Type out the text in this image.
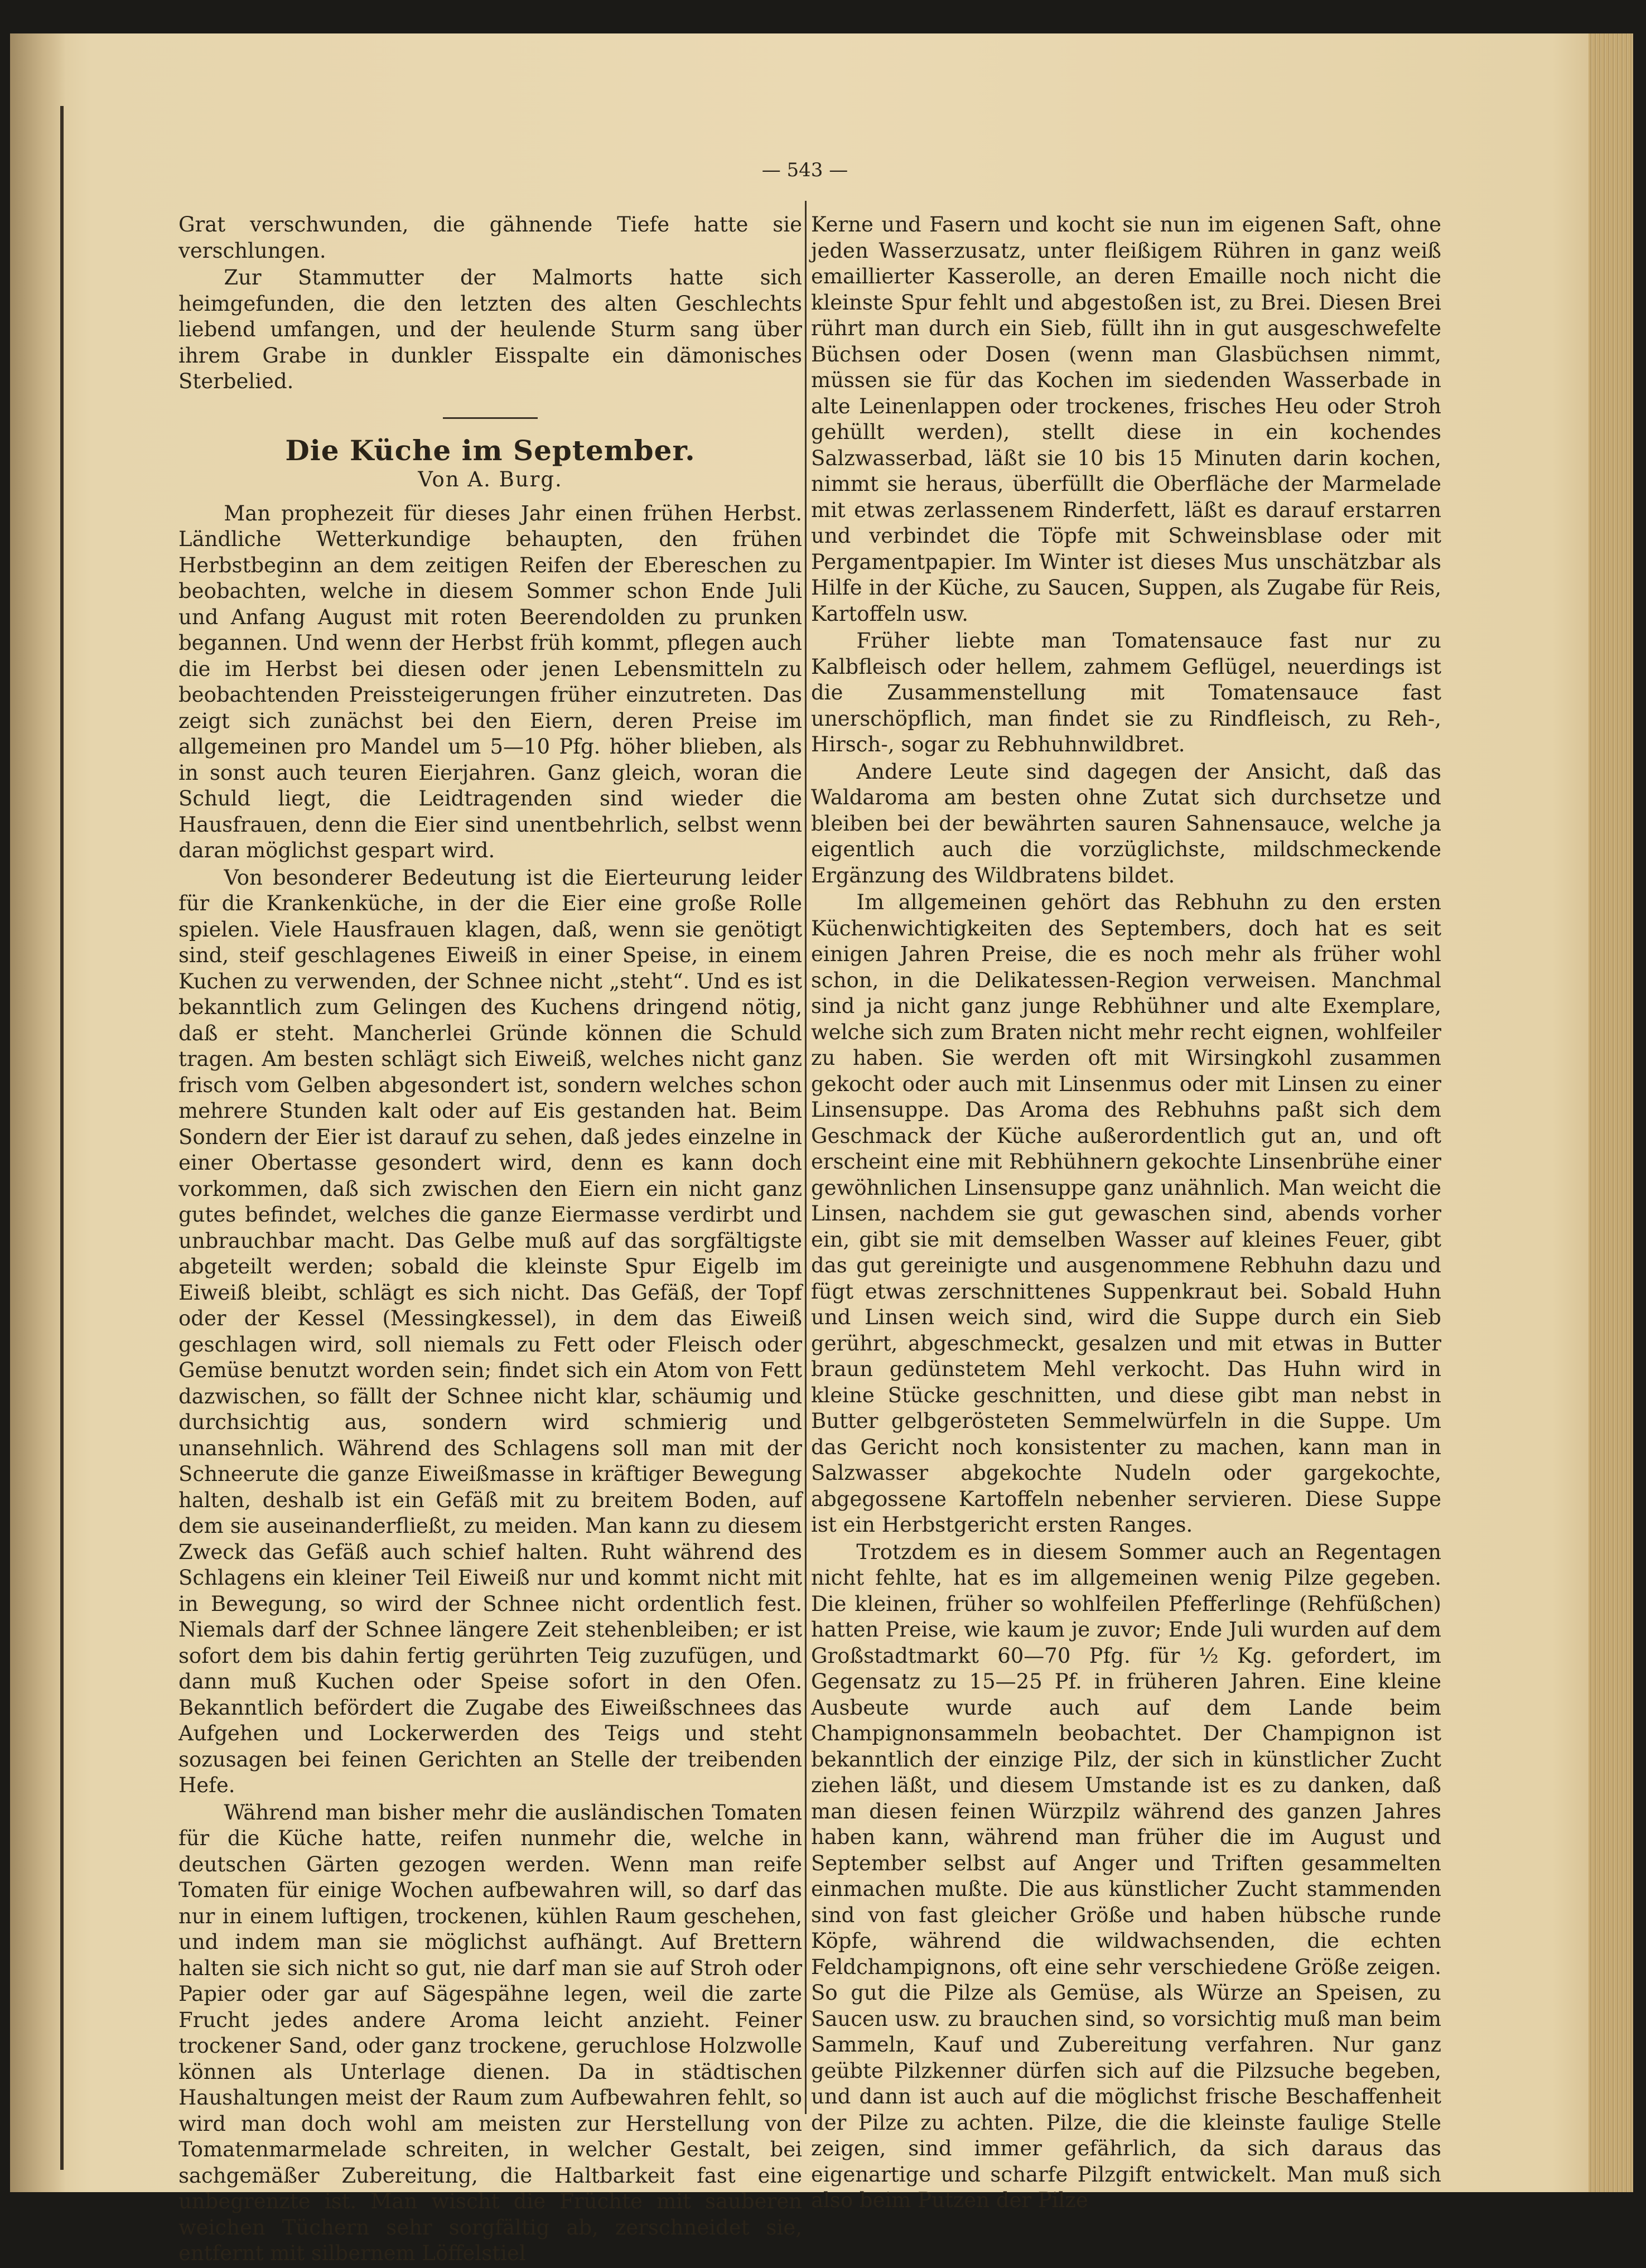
— 543 —

Grat verschwunden, die gähnende Tiefe hatte sie verschlungen.

Zur Stammutter der Malmorts hatte sich heimgefunden, die den letzten des alten Geschlechts liebend umfangen, und der heulende Sturm sang über ihrem Grabe in dunkler Eisspalte ein dämonisches Sterbelied.

Die Küche im September.
Von A. Burg.

Man prophezeit für dieses Jahr einen frühen Herbst. Ländliche Wetterkundige behaupten, den frühen Herbstbeginn an dem zeitigen Reifen der Ebereschen zu beobachten, welche in diesem Sommer schon Ende Juli und Anfang August mit roten Beerendolden zu prunken begannen. Und wenn der Herbst früh kommt, pflegen auch die im Herbst bei diesen oder jenen Lebensmitteln zu beobachtenden Preissteigerungen früher einzutreten. Das zeigt sich zunächst bei den Eiern, deren Preise im allgemeinen pro Mandel um 5—10 Pfg. höher blieben, als in sonst auch teuren Eierjahren. Ganz gleich, woran die Schuld liegt, die Leidtragenden sind wieder die Hausfrauen, denn die Eier sind unentbehrlich, selbst wenn daran möglichst gespart wird.

Von besonderer Bedeutung ist die Eierteurung leider für die Krankenküche, in der die Eier eine große Rolle spielen. Viele Hausfrauen klagen, daß, wenn sie genötigt sind, steif geschlagenes Eiweiß in einer Speise, in einem Kuchen zu verwenden, der Schnee nicht „steht“. Und es ist bekanntlich zum Gelingen des Kuchens dringend nötig, daß er steht. Mancherlei Gründe können die Schuld tragen. Am besten schlägt sich Eiweiß, welches nicht ganz frisch vom Gelben abgesondert ist, sondern welches schon mehrere Stunden kalt oder auf Eis gestanden hat. Beim Sondern der Eier ist darauf zu sehen, daß jedes einzelne in einer Obertasse gesondert wird, denn es kann doch vorkommen, daß sich zwischen den Eiern ein nicht ganz gutes befindet, welches die ganze Eiermasse verdirbt und unbrauchbar macht. Das Gelbe muß auf das sorgfältigste abgeteilt werden; sobald die kleinste Spur Eigelb im Eiweiß bleibt, schlägt es sich nicht. Das Gefäß, der Topf oder der Kessel (Messingkessel), in dem das Eiweiß geschlagen wird, soll niemals zu Fett oder Fleisch oder Gemüse benutzt worden sein; findet sich ein Atom von Fett dazwischen, so fällt der Schnee nicht klar, schäumig und durchsichtig aus, sondern wird schmierig und unansehnlich. Während des Schlagens soll man mit der Schneerute die ganze Eiweißmasse in kräftiger Bewegung halten, deshalb ist ein Gefäß mit zu breitem Boden, auf dem sie auseinanderfließt, zu meiden. Man kann zu diesem Zweck das Gefäß auch schief halten. Ruht während des Schlagens ein kleiner Teil Eiweiß nur und kommt nicht mit in Bewegung, so wird der Schnee nicht ordentlich fest. Niemals darf der Schnee längere Zeit stehenbleiben; er ist sofort dem bis dahin fertig gerührten Teig zuzufügen, und dann muß Kuchen oder Speise sofort in den Ofen. Bekanntlich befördert die Zugabe des Eiweißschnees das Aufgehen und Lockerwerden des Teigs und steht sozusagen bei feinen Gerichten an Stelle der treibenden Hefe.

Während man bisher mehr die ausländischen Tomaten für die Küche hatte, reifen nunmehr die, welche in deutschen Gärten gezogen werden. Wenn man reife Tomaten für einige Wochen aufbewahren will, so darf das nur in einem luftigen, trockenen, kühlen Raum geschehen, und indem man sie möglichst aufhängt. Auf Brettern halten sie sich nicht so gut, nie darf man sie auf Stroh oder Papier oder gar auf Sägespähne legen, weil die zarte Frucht jedes andere Aroma leicht anzieht. Feiner trockener Sand, oder ganz trockene, geruchlose Holzwolle können als Unterlage dienen. Da in städtischen Haushaltungen meist der Raum zum Aufbewahren fehlt, so wird man doch wohl am meisten zur Herstellung von Tomatenmarmelade schreiten, in welcher Gestalt, bei sachgemäßer Zubereitung, die Haltbarkeit fast eine unbegrenzte ist. Man wischt die Früchte mit sauberen weichen Tüchern sehr sorgfältig ab, zerschneidet sie, entfernt mit silbernem Löffelstiel

Kerne und Fasern und kocht sie nun im eigenen Saft, ohne jeden Wasserzusatz, unter fleißigem Rühren in ganz weiß emaillierter Kasserolle, an deren Emaille noch nicht die kleinste Spur fehlt und abgestoßen ist, zu Brei. Diesen Brei rührt man durch ein Sieb, füllt ihn in gut ausgeschwefelte Büchsen oder Dosen (wenn man Glasbüchsen nimmt, müssen sie für das Kochen im siedenden Wasserbade in alte Leinenlappen oder trockenes, frisches Heu oder Stroh gehüllt werden), stellt diese in ein kochendes Salzwasserbad, läßt sie 10 bis 15 Minuten darin kochen, nimmt sie heraus, überfüllt die Oberfläche der Marmelade mit etwas zerlassenem Rinderfett, läßt es darauf erstarren und verbindet die Töpfe mit Schweinsblase oder mit Pergamentpapier. Im Winter ist dieses Mus unschätzbar als Hilfe in der Küche, zu Saucen, Suppen, als Zugabe für Reis, Kartoffeln usw.

Früher liebte man Tomatensauce fast nur zu Kalbfleisch oder hellem, zahmem Geflügel, neuerdings ist die Zusammenstellung mit Tomatensauce fast unerschöpflich, man findet sie zu Rindfleisch, zu Reh-, Hirsch-, sogar zu Rebhuhnwildbret.

Andere Leute sind dagegen der Ansicht, daß das Waldaroma am besten ohne Zutat sich durchsetze und bleiben bei der bewährten sauren Sahnensauce, welche ja eigentlich auch die vorzüglichste, mildschmeckende Ergänzung des Wildbratens bildet.

Im allgemeinen gehört das Rebhuhn zu den ersten Küchenwichtigkeiten des Septembers, doch hat es seit einigen Jahren Preise, die es noch mehr als früher wohl schon, in die Delikatessen-Region verweisen. Manchmal sind ja nicht ganz junge Rebhühner und alte Exemplare, welche sich zum Braten nicht mehr recht eignen, wohlfeiler zu haben. Sie werden oft mit Wirsingkohl zusammen gekocht oder auch mit Linsenmus oder mit Linsen zu einer Linsensuppe. Das Aroma des Rebhuhns paßt sich dem Geschmack der Küche außerordentlich gut an, und oft erscheint eine mit Rebhühnern gekochte Linsenbrühe einer gewöhnlichen Linsensuppe ganz unähnlich. Man weicht die Linsen, nachdem sie gut gewaschen sind, abends vorher ein, gibt sie mit demselben Wasser auf kleines Feuer, gibt das gut gereinigte und ausgenommene Rebhuhn dazu und fügt etwas zerschnittenes Suppenkraut bei. Sobald Huhn und Linsen weich sind, wird die Suppe durch ein Sieb gerührt, abgeschmeckt, gesalzen und mit etwas in Butter braun gedünstetem Mehl verkocht. Das Huhn wird in kleine Stücke geschnitten, und diese gibt man nebst in Butter gelbgerösteten Semmelwürfeln in die Suppe. Um das Gericht noch konsistenter zu machen, kann man in Salzwasser abgekochte Nudeln oder gargekochte, abgegossene Kartoffeln nebenher servieren. Diese Suppe ist ein Herbstgericht ersten Ranges.

Trotzdem es in diesem Sommer auch an Regentagen nicht fehlte, hat es im allgemeinen wenig Pilze gegeben. Die kleinen, früher so wohlfeilen Pfefferlinge (Rehfüßchen) hatten Preise, wie kaum je zuvor; Ende Juli wurden auf dem Großstadtmarkt 60—70 Pfg. für ½ Kg. gefordert, im Gegensatz zu 15—25 Pf. in früheren Jahren. Eine kleine Ausbeute wurde auch auf dem Lande beim Champignonsammeln beobachtet. Der Champignon ist bekanntlich der einzige Pilz, der sich in künstlicher Zucht ziehen läßt, und diesem Umstande ist es zu danken, daß man diesen feinen Würzpilz während des ganzen Jahres haben kann, während man früher die im August und September selbst auf Anger und Triften gesammelten einmachen mußte. Die aus künstlicher Zucht stammenden sind von fast gleicher Größe und haben hübsche runde Köpfe, während die wildwachsenden, die echten Feldchampignons, oft eine sehr verschiedene Größe zeigen. So gut die Pilze als Gemüse, als Würze an Speisen, zu Saucen usw. zu brauchen sind, so vorsichtig muß man beim Sammeln, Kauf und Zubereitung verfahren. Nur ganz geübte Pilzkenner dürfen sich auf die Pilzsuche begeben, und dann ist auch auf die möglichst frische Beschaffenheit der Pilze zu achten. Pilze, die die kleinste faulige Stelle zeigen, sind immer gefährlich, da sich daraus das eigenartige und scharfe Pilzgift entwickelt. Man muß sich also beim Putzen der Pilze
